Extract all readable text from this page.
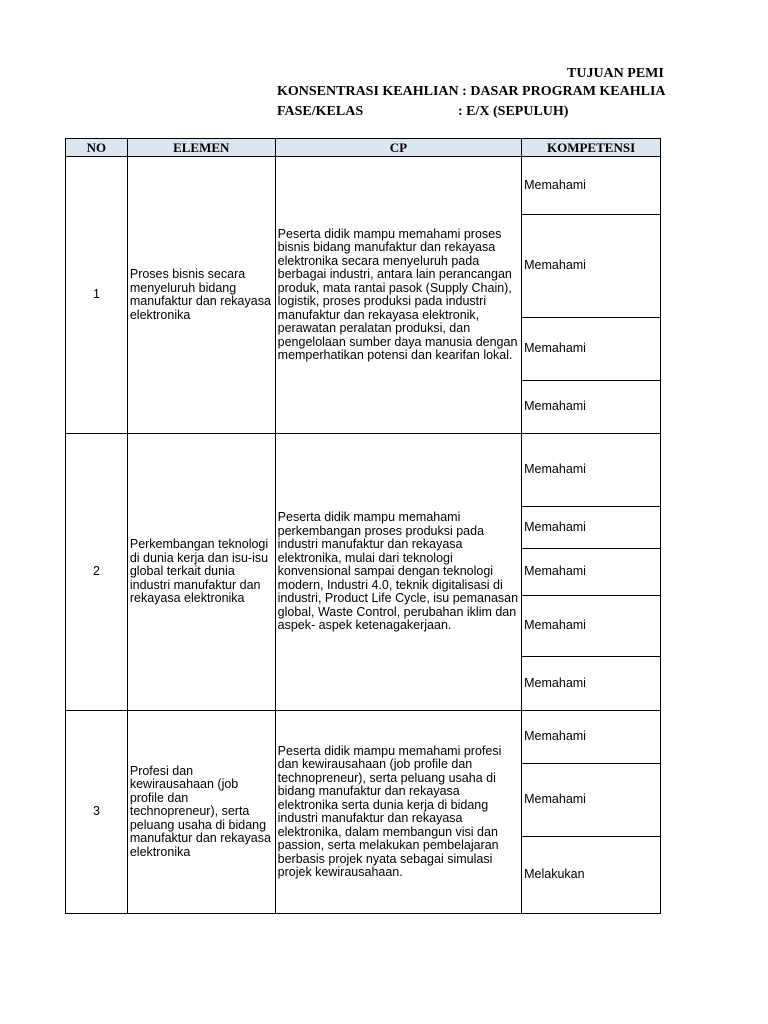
TUJUAN PEMI
KONSENTRASI KEAHLIAN : DASAR PROGRAM KEAHLIA
FASE/KELAS	: E/X (SEPULUH)
NO	ELEMEN	CP	KOMPETENSI
1	Proses bisnis secara menyeluruh bidang manufaktur dan rekayasa elektronika	Peserta didik mampu memahami proses bisnis bidang manufaktur dan rekayasa elektronika secara menyeluruh pada berbagai industri, antara lain perancangan produk, mata rantai pasok (Supply Chain), logistik, proses produksi pada industri manufaktur dan rekayasa elektronik, perawatan peralatan produksi, dan pengelolaan sumber daya manusia dengan memperhatikan potensi dan kearifan lokal.	Memahami
			Memahami
			Memahami
			Memahami
2	Perkembangan teknologi di dunia kerja dan isu-isu global terkait dunia industri manufaktur dan rekayasa elektronika	Peserta didik mampu memahami perkembangan proses produksi pada industri manufaktur dan rekayasa elektronika, mulai dari teknologi konvensional sampai dengan teknologi modern, Industri 4.0, teknik digitalisasi di industri, Product Life Cycle, isu pemanasan global, Waste Control, perubahan iklim dan aspek- aspek ketenagakerjaan.	Memahami
			Memahami
			Memahami
			Memahami
			Memahami
3	Profesi dan kewirausahaan (job profile dan technopreneur), serta peluang usaha di bidang manufaktur dan rekayasa elektronika	Peserta didik mampu memahami profesi dan kewirausahaan (job profile dan technopreneur), serta peluang usaha di bidang manufaktur dan rekayasa elektronika serta dunia kerja di bidang industri manufaktur dan rekayasa elektronika, dalam membangun visi dan passion, serta melakukan pembelajaran berbasis projek nyata sebagai simulasi projek kewirausahaan.	Memahami
			Memahami
			Melakukan
